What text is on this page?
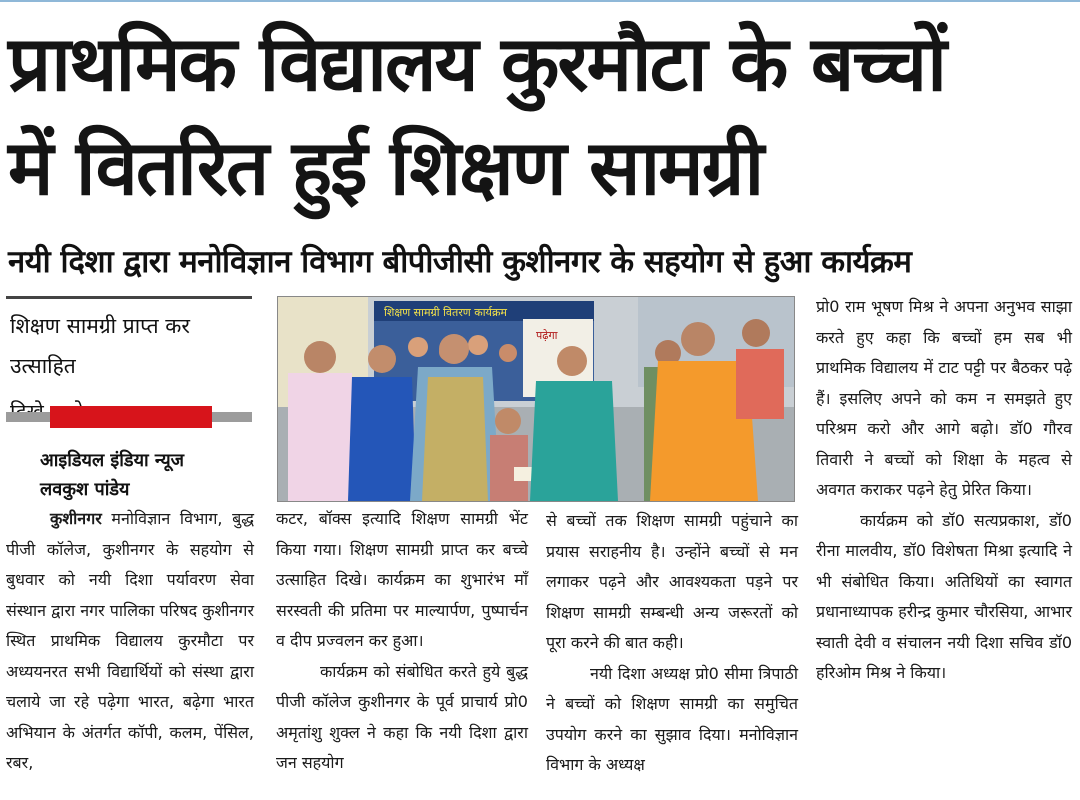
प्राथमिक विद्यालय कुरमौटा के बच्चों
में वितरित हुई शिक्षण सामग्री
नयी दिशा द्वारा मनोविज्ञान विभाग बीपीजीसी कुशीनगर के सहयोग से हुआ कार्यक्रम
शिक्षण सामग्री प्राप्त कर उत्साहित
आइडियल इंडिया न्यूज
लवकुश पांडेय
शिक्षण सामग्री वितरण कार्यक्रम
पढ़ेगा

कुशीनगर मनोविज्ञान विभाग, बुद्ध पीजी कॉलेज, कुशीनगर के सहयोग से बुधवार को नयी दिशा पर्यावरण सेवा संस्थान द्वारा नगर पालिका परिषद कुशीनगर स्थित प्राथमिक विद्यालय कुरमौटा पर अध्ययनरत सभी विद्यार्थियों को संस्था द्वारा चलाये जा रहे पढ़ेगा भारत, बढ़ेगा भारत अभियान के अंतर्गत कॉपी, कलम, पेंसिल, रबर,

कटर, बॉक्स इत्यादि शिक्षण सामग्री भेंट किया गया। शिक्षण सामग्री प्राप्त कर बच्चे उत्साहित दिखे। कार्यक्रम का शुभारंभ माँ सरस्वती की प्रतिमा पर माल्यार्पण, पुष्पार्चन व दीप प्रज्वलन कर हुआ।

कार्यक्रम को संबोधित करते हुये बुद्ध पीजी कॉलेज कुशीनगर के पूर्व प्राचार्य प्रो0 अमृतांशु शुक्ल ने कहा कि नयी दिशा द्वारा जन सहयोग

से बच्चों तक शिक्षण सामग्री पहुंचाने का प्रयास सराहनीय है। उन्होंने बच्चों से मन लगाकर पढ़ने और आवश्यकता पड़ने पर शिक्षण सामग्री सम्बन्धी अन्य जरूरतों को पूरा करने की बात कही।

नयी दिशा अध्यक्ष प्रो0 सीमा त्रिपाठी ने बच्चों को शिक्षण सामग्री का समुचित उपयोग करने का सुझाव दिया। मनोविज्ञान विभाग के अध्यक्ष

प्रो0 राम भूषण मिश्र ने अपना अनुभव साझा करते हुए कहा कि बच्चों हम सब भी प्राथमिक विद्यालय में टाट पट्टी पर बैठकर पढ़े हैं। इसलिए अपने को कम न समझते हुए परिश्रम करो और आगे बढ़ो। डॉ0 गौरव तिवारी ने बच्चों को शिक्षा के महत्व से अवगत कराकर पढ़ने हेतु प्रेरित किया।

कार्यक्रम को डॉ0 सत्यप्रकाश, डॉ0 रीना मालवीय, डॉ0 विशेषता मिश्रा इत्यादि ने भी संबोधित किया। अतिथियों का स्वागत प्रधानाध्यापक हरीन्द्र कुमार चौरसिया, आभार स्वाती देवी व संचालन नयी दिशा सचिव डॉ0 हरिओम मिश्र ने किया।
